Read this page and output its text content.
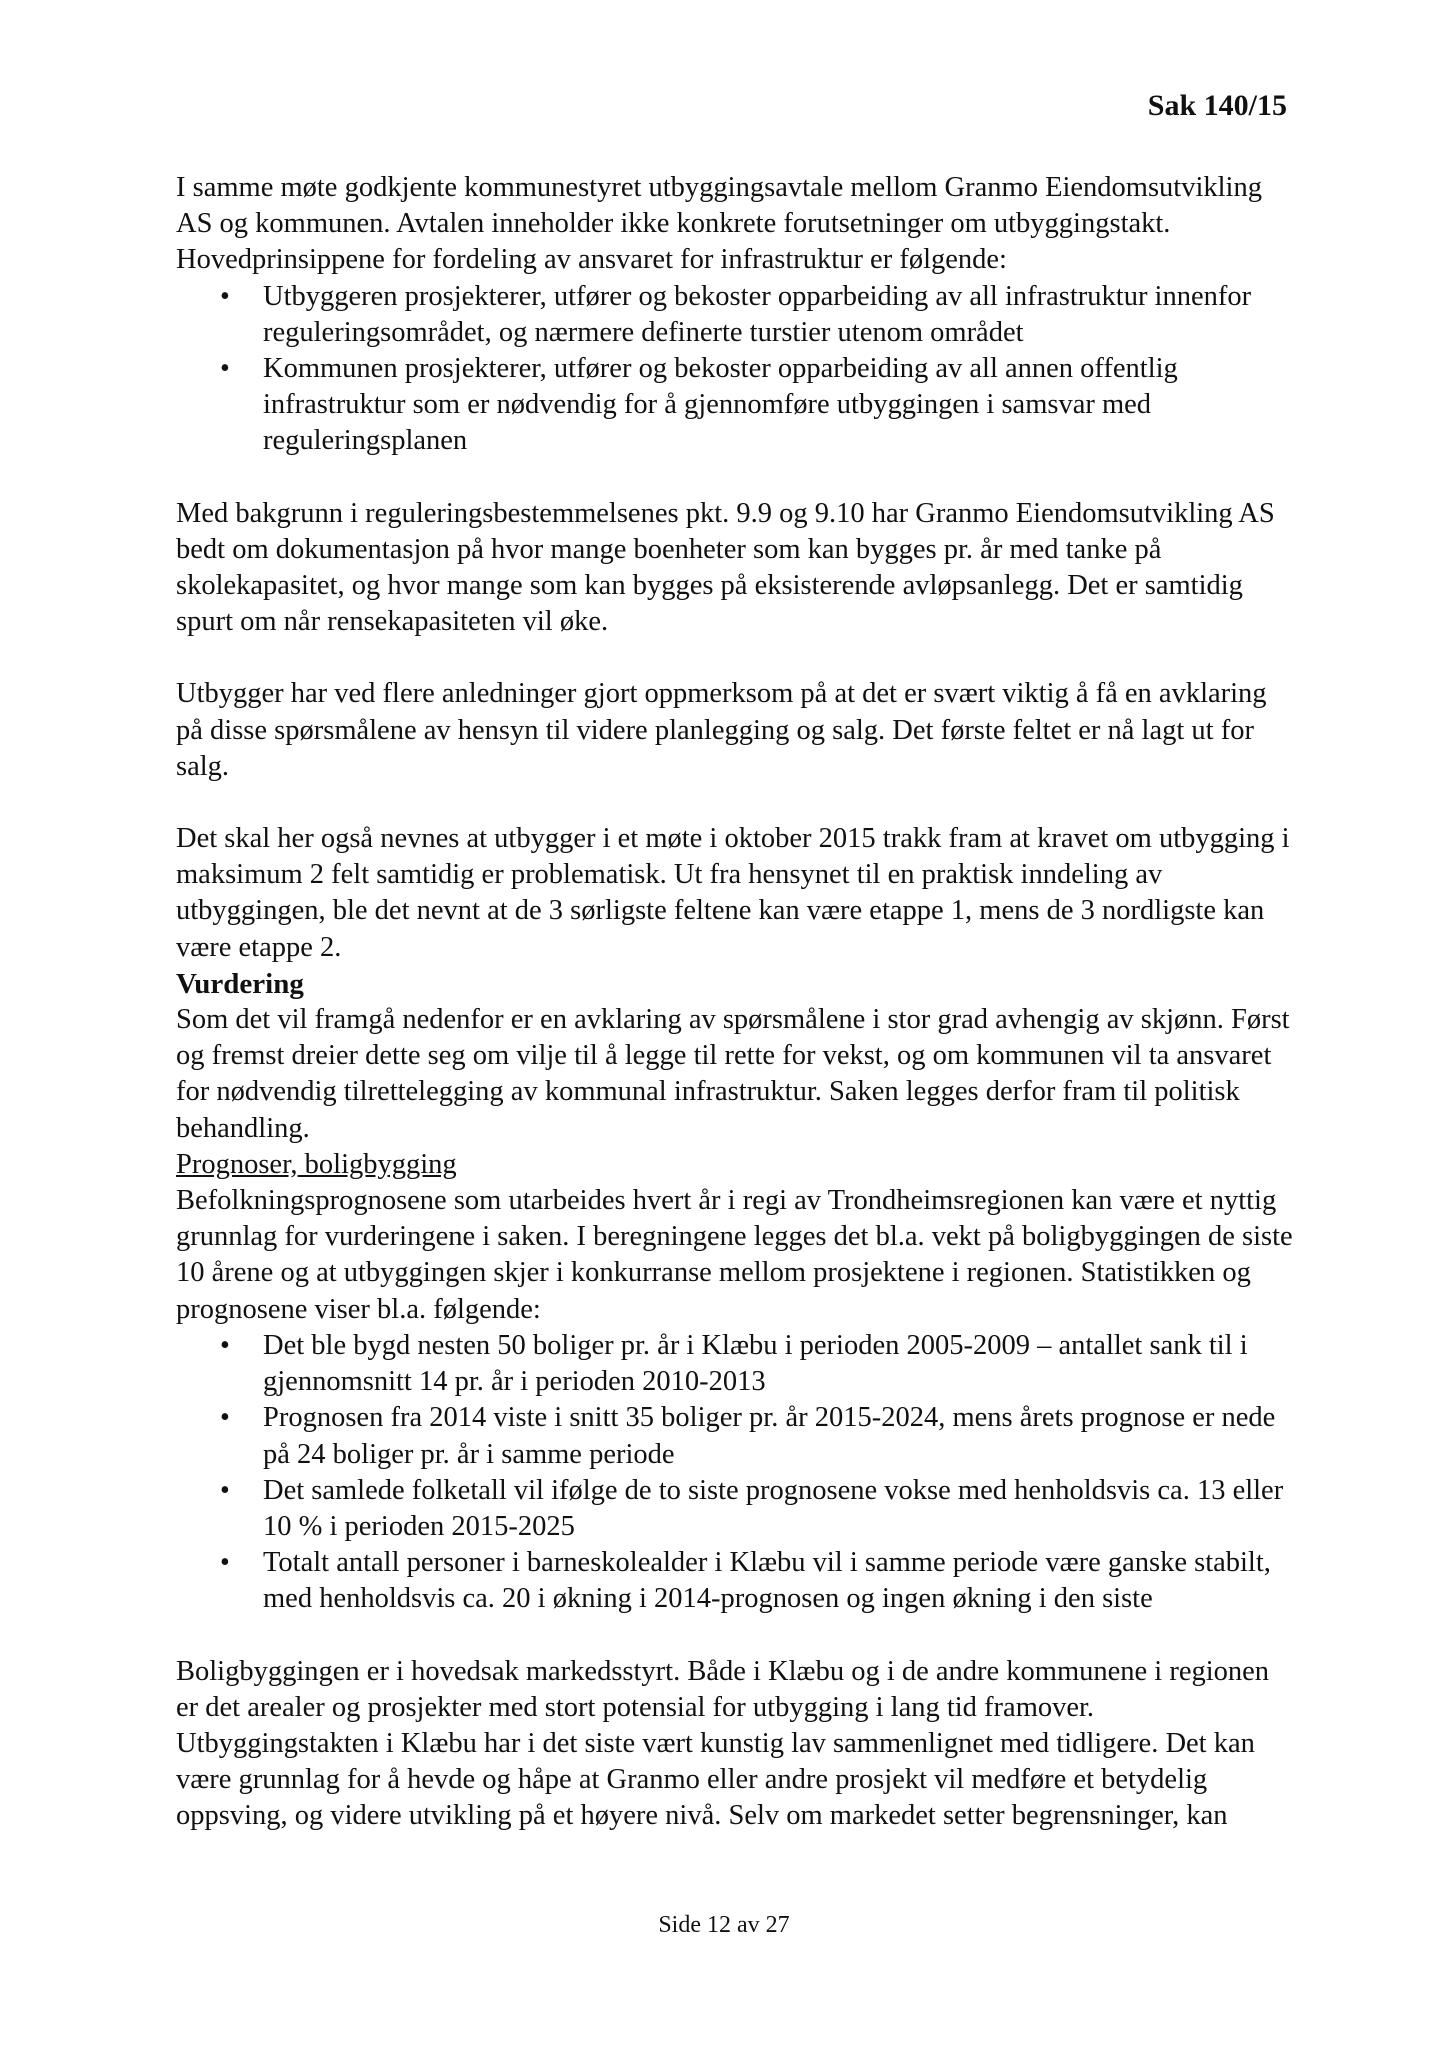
Sak 140/15

I samme møte godkjente kommunestyret utbyggingsavtale mellom Granmo Eiendomsutvikling AS og kommunen. Avtalen inneholder ikke konkrete forutsetninger om utbyggingstakt. Hovedprinsippene for fordeling av ansvaret for infrastruktur er følgende:

• Utbyggeren prosjekterer, utfører og bekoster opparbeiding av all infrastruktur innenfor reguleringsområdet, og nærmere definerte turstier utenom området
• Kommunen prosjekterer, utfører og bekoster opparbeiding av all annen offentlig infrastruktur som er nødvendig for å gjennomføre utbyggingen i samsvar med reguleringsplanen

Med bakgrunn i reguleringsbestemmelsenes pkt. 9.9 og 9.10 har Granmo Eiendomsutvikling AS bedt om dokumentasjon på hvor mange boenheter som kan bygges pr. år med tanke på skolekapasitet, og hvor mange som kan bygges på eksisterende avløpsanlegg. Det er samtidig spurt om når rensekapasiteten vil øke.

Utbygger har ved flere anledninger gjort oppmerksom på at det er svært viktig å få en avklaring på disse spørsmålene av hensyn til videre planlegging og salg. Det første feltet er nå lagt ut for salg.

Det skal her også nevnes at utbygger i et møte i oktober 2015 trakk fram at kravet om utbygging i maksimum 2 felt samtidig er problematisk. Ut fra hensynet til en praktisk inndeling av utbyggingen, ble det nevnt at de 3 sørligste feltene kan være etappe 1, mens de 3 nordligste kan være etappe 2.

Vurdering

Som det vil framgå nedenfor er en avklaring av spørsmålene i stor grad avhengig av skjønn. Først og fremst dreier dette seg om vilje til å legge til rette for vekst, og om kommunen vil ta ansvaret for nødvendig tilrettelegging av kommunal infrastruktur. Saken legges derfor fram til politisk behandling.

Prognoser, boligbygging

Befolkningsprognosene som utarbeides hvert år i regi av Trondheimsregionen kan være et nyttig grunnlag for vurderingene i saken. I beregningene legges det bl.a. vekt på boligbyggingen de siste 10 årene og at utbyggingen skjer i konkurranse mellom prosjektene i regionen. Statistikken og prognosene viser bl.a. følgende:

• Det ble bygd nesten 50 boliger pr. år i Klæbu i perioden 2005-2009 – antallet sank til i gjennomsnitt 14 pr. år i perioden 2010-2013
• Prognosen fra 2014 viste i snitt 35 boliger pr. år 2015-2024, mens årets prognose er nede på 24 boliger pr. år i samme periode
• Det samlede folketall vil ifølge de to siste prognosene vokse med henholdsvis ca. 13 eller 10 % i perioden 2015-2025
• Totalt antall personer i barneskolealder i Klæbu vil i samme periode være ganske stabilt, med henholdsvis ca. 20 i økning i 2014-prognosen og ingen økning i den siste

Boligbyggingen er i hovedsak markedsstyrt. Både i Klæbu og i de andre kommunene i regionen er det arealer og prosjekter med stort potensial for utbygging i lang tid framover. Utbyggingstakten i Klæbu har i det siste vært kunstig lav sammenlignet med tidligere. Det kan være grunnlag for å hevde og håpe at Granmo eller andre prosjekt vil medføre et betydelig oppsving, og videre utvikling på et høyere nivå. Selv om markedet setter begrensninger, kan

Side 12 av 27
